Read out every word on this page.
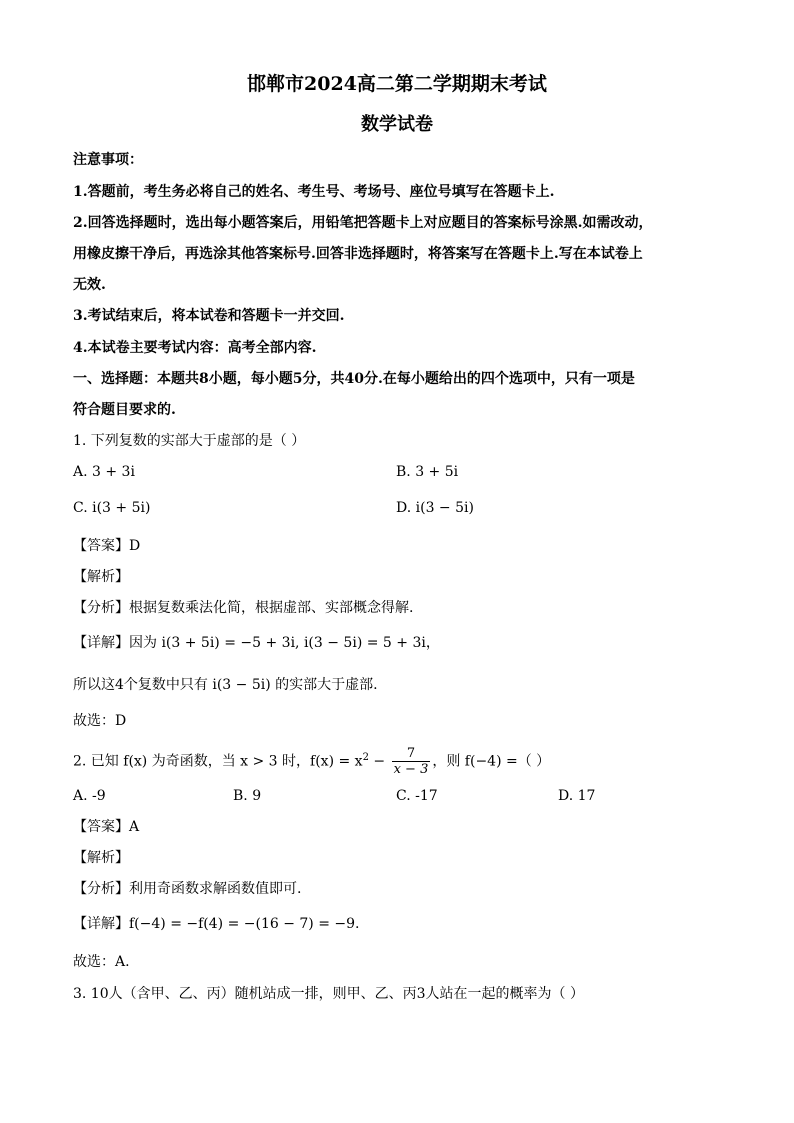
邯郸市2024高二第二学期期末考试
数学试卷
注意事项：
1.答题前，考生务必将自己的姓名、考生号、考场号、座位号填写在答题卡上.
2.回答选择题时，选出每小题答案后，用铅笔把答题卡上对应题目的答案标号涂黑.如需改动，
用橡皮擦干净后，再选涂其他答案标号.回答非选择题时，将答案写在答题卡上.写在本试卷上
无效.
3.考试结束后，将本试卷和答题卡一并交回.
4.本试卷主要考试内容：高考全部内容.
一、选择题：本题共8小题，每小题5分，共40分.在每小题给出的四个选项中，只有一项是
符合题目要求的.
1. 下列复数的实部大于虚部的是（ ）
A. 3 + 3i	B. 3 + 5i
C. i(3 + 5i)	D. i(3 − 5i)
【答案】D
【解析】
【分析】根据复数乘法化简，根据虚部、实部概念得解.
【详解】因为 i(3 + 5i) = −5 + 3i, i(3 − 5i) = 5 + 3i，
所以这4个复数中只有 i(3 − 5i) 的实部大于虚部.
故选：D
2. 已知 f(x) 为奇函数，当 x > 3 时，$f(x) = x^2 - \frac{7}{x - 3}$ ，则 f(−4) =（ ）
A. -9	B. 9	C. -17	D. 17
【答案】A
【解析】
【分析】利用奇函数求解函数值即可.
【详解】f(−4) = −f(4) = −(16 − 7) = −9.
故选：A.
3. 10人（含甲、乙、丙）随机站成一排，则甲、乙、丙3人站在一起的概率为（ ）
